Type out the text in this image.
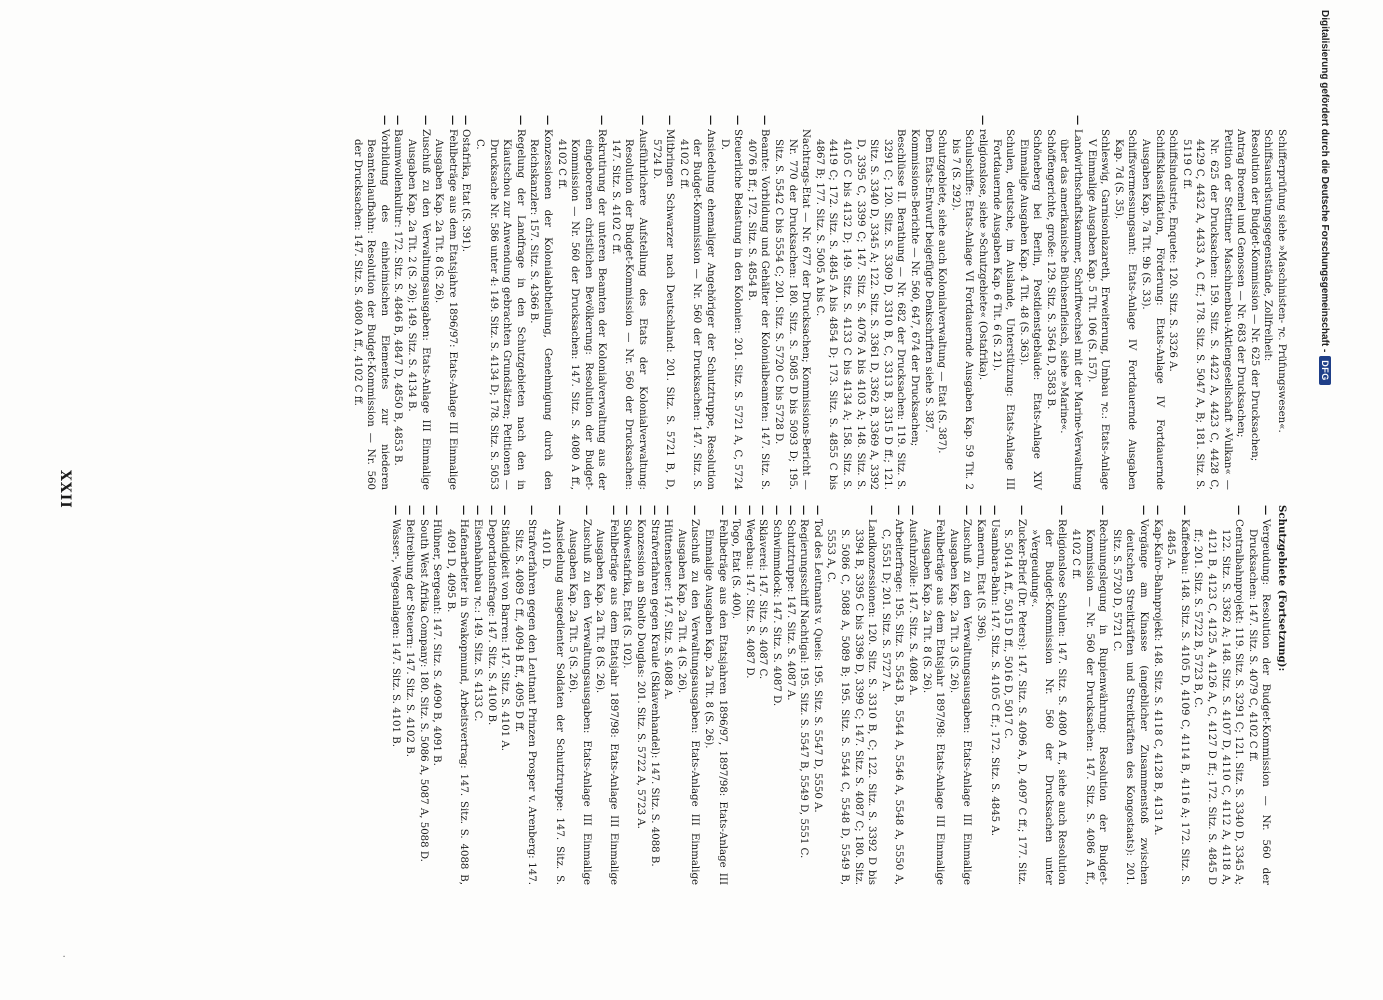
Digitalisierung gefördert durch die Deutsche Forschungsgemeinschaft -
DFG
Schifferprüfung siehe »Maschinisten- ⁊c. Prüfungswesen«.
Schiffsausrüstungsgegenstände, Zollfreiheit:
Resolution der Budget-Kommission — Nr. 625 der Drucksachen;
Antrag Broemel und Genossen — Nr. 683 der Drucksachen;
Petition der Stettiner Maschinenbau-Aktiengesellschaft »Vulkan« — Nr. 625 der Drucksachen: 159. Sitz. S. 4422 A, 4423 C, 4428 C, 4429 C, 4432 A, 4433 A, C ff.; 178. Sitz. S. 5047 A, B; 181. Sitz. S. 5119 C ff.
Schiffsindustrie, Enquete: 120. Sitz. S. 3326 A.
Schiffsklassifikation, Förderung: Etats-Anlage IV Fortdauernde Ausgaben Kap. 7a Tit. 9b (S. 33).
Schiffsvermessungsamt: Etats-Anlage IV Fortdauernde Ausgaben Kap. 7d (S. 35).
Schleswig, Garnisonlazareth, Erweiterung, Umbau ⁊c.: Etats-Anlage V Einmalige Ausgaben Kap. 5 Tit. 106 (S. 157).
—
Landwirthschaftskammer, Schriftwechsel mit der Marine-Verwaltung über das amerikanische Büchsenfleisch, siehe »Marine«.
Schöffengerichte, große: 129. Sitz. S. 3564 D, 3583 B.
Schöneberg bei Berlin, Postdienstgebäude: Etats-Anlage XIV Einmalige Ausgaben Kap. 4 Tit. 48 (S. 363).
Schulen, deutsche, im Auslande, Unterstützung: Etats-Anlage III Fortdauernde Ausgaben Kap. 6 Tit. 6 (S. 21).
—
religionslose, siehe »Schutzgebiete« (Ostafrika).
Schulschiffe: Etats-Anlage VI Fortdauernde Ausgaben Kap. 59 Tit. 2 bis 7 (S. 292).
Schutzgebiete, siehe auch Kolonialverwaltung — Etat (S. 387).
Dem Etats-Entwurf beigefügte Denkschriften siehe S. 387.
Kommissions-Berichte — Nr. 560, 647, 674 der Drucksachen;
Beschlüsse II. Berathung — Nr. 682 der Drucksachen: 119. Sitz. S. 3291 C; 120. Sitz. S. 3309 D, 3310 B, C, 3313 B, 3315 D ff.; 121. Sitz. S. 3340 D, 3345 A; 122. Sitz. S. 3361 D, 3362 B, 3369 A, 3392 D, 3395 C, 3399 C; 147. Sitz. S. 4076 A bis 4103 A; 148. Sitz. S. 4105 C bis 4132 D; 149. Sitz. S. 4133 C bis 4134 A; 158. Sitz. S. 4419 C; 172. Sitz. S. 4845 A bis 4854 D; 173. Sitz. S. 4855 C bis 4867 B; 177. Sitz. S. 5005 A bis C.
Nachtrags-Etat — Nr. 677 der Drucksachen; Kommissions-Bericht — Nr. 770 der Drucksachen: 180. Sitz. S. 5085 D bis 5093 D; 195. Sitz. S. 5542 C bis 5554 C; 201. Sitz. S. 5720 C bis 5728 D.
—
Beamte: Vorbildung und Gehälter der Kolonialbeamten: 147. Sitz. S. 4076 B ff.; 172. Sitz. S. 4854 B.
—
Steuerliche Belastung in den Kolonien: 201. Sitz. S. 5721 A, C, 5724 D.
—
Ansiedelung ehemaliger Angehöriger der Schutztruppe, Resolution der Budget-Kommission — Nr. 560 der Drucksachen: 147. Sitz. S. 4102 C ff.
—
Mitbringen Schwarzer nach Deutschland: 201. Sitz. S. 5721 B, D, 5724 D.
—
Ausführlichere Aufstellung des Etats der Kolonialverwaltung: Resolution der Budget-Kommission — Nr. 560 der Drucksachen: 147. Sitz. S. 4102 C ff.
—
Rekrutirung der unteren Beamten der Kolonialverwaltung aus der eingeborenen christlichen Bevölkerung: Resolution der Budget-Kommission — Nr. 560 der Drucksachen: 147. Sitz. S. 4080 A ff., 4102 C ff.
—
Konzessionen der Kolonialabtheilung, Genehmigung durch den Reichskanzler: 157. Sitz. S. 4366 B.
—
Regelung der Landfrage in den Schutzgebieten nach den in Kiautschou zur Anwendung gebrachten Grundsätzen; Petitionen — Drucksache Nr. 586 unter 4: 149. Sitz. S. 4134 D; 178. Sitz. S. 5053 C.
—
Ostafrika, Etat (S. 391).
—
Fehlbeträge aus dem Etatsjahre 1896/97: Etats-Anlage III Einmalige Ausgaben Kap. 2a Tit. 8 (S. 26).
—
Zuschuß zu den Verwaltungsausgaben: Etats-Anlage III Einmalige Ausgaben Kap. 2a Tit. 2 (S. 26); 149. Sitz. S. 4134 B.
—
Baumwollenkultur: 172. Sitz. S. 4846 B, 4847 D, 4850 B, 4853 B.
—
Vorbildung des einheimischen Elementes zur niederen Beamtenlaufbahn: Resolution der Budget-Kommission — Nr. 560 der Drucksachen: 147. Sitz. S. 4080 A ff., 4102 C ff.
Schutzgebiete (Fortsetzung):
—
Vergeudung: Resolution der Budget-Kommission — Nr. 560 der Drucksachen: 147. Sitz. S. 4079 C, 4102 C ff.
—
Centralbahnprojekt: 119. Sitz. S. 3291 C; 121. Sitz. S. 3340 D, 3345 A; 122. Sitz. S. 3362 A; 148. Sitz. S. 4107 D, 4110 C, 4112 A, 4118 A, 4121 B, 4123 C, 4125 A, 4126 A, C, 4127 D ff.; 172. Sitz. S. 4845 D ff.; 201. Sitz. S. 5722 B, 5723 B, C.
—
Kaffeebau: 148. Sitz. S. 4105 D, 4109 C, 4114 B, 4116 A; 172. Sitz. S. 4845 A.
—
Kap-Kairo-Bahnprojekt: 148. Sitz. S. 4118 C, 4128 B, 4131 A.
—
Vorgänge am Kinasse (angeblicher Zusammenstoß zwischen deutschen Streitkräften und Streitkräften des Kongostaats): 201. Sitz. S. 5720 D, 5721 C.
—
Rechnungslegung in Rupienwährung: Resolution der Budget-Kommission — Nr. 560 der Drucksachen: 147. Sitz. S. 4086 A ff., 4102 C ff.
—
Religionslose Schulen: 147. Sitz. S. 4080 A ff., siehe auch Resolution der Budget-Kommission Nr. 560 der Drucksachen unter »Vergeudung«.
—
Zucker-Brief (Dr. Peters): 147. Sitz. S. 4096 A, D, 4097 C ff.; 177. Sitz. S. 5014 A ff., 5015 D ff., 5016 D, 5017 C.
—
Usambara-Bahn: 147. Sitz. S. 4105 C ff.; 172. Sitz. S. 4845 A.
—
Kamerun, Etat (S. 396).
—
Zuschuß zu den Verwaltungsausgaben: Etats-Anlage III Einmalige Ausgaben Kap. 2a Tit. 3 (S. 26).
—
Fehlbeträge aus dem Etatsjahr 1897/98: Etats-Anlage III Einmalige Ausgaben Kap. 2a Tit. 8 (S. 26).
—
Ausfuhrzölle: 147. Sitz. S. 4088 A.
—
Arbeiterfrage: 195. Sitz. S. 5543 B, 5544 A, 5546 A, 5548 A, 5550 A, C, 5551 D; 201. Sitz. S. 5727 A.
—
Landkonzessionen: 120. Sitz. S. 3310 B, C; 122. Sitz. S. 3392 D bis 3394 B, 3395 C bis 3396 D, 3399 C; 147. Sitz. S. 4087 C; 180. Sitz. S. 5086 C, 5088 A, 5089 B; 195. Sitz. S. 5544 C, 5548 D, 5549 B, 5553 A, C.
—
Tod des Leutnants v. Queis: 195. Sitz. S. 5547 D, 5550 A.
—
Regierungsschiff Nachtigal: 195. Sitz. S. 5547 B, 5549 D, 5551 C.
—
Schutztruppe: 147. Sitz. S. 4087 A.
—
Schwimmdock: 147. Sitz. S. 4087 D.
—
Sklaverei: 147. Sitz. S. 4087 C.
—
Wegebau: 147. Sitz. S. 4087 D.
—
Togo, Etat (S. 400).
—
Fehlbeträge aus den Etatsjahren 1896/97, 1897/98: Etats-Anlage III Einmalige Ausgaben Kap. 2a Tit. 8 (S. 26).
—
Zuschuß zu den Verwaltungsausgaben: Etats-Anlage III Einmalige Ausgaben Kap. 2a Tit. 4 (S. 26).
—
Hüttensteuer: 147. Sitz. S. 4088 A.
—
Strafverfahren gegen Kraule (Sklavenhandel): 147. Sitz. S. 4088 B.
—
Konzession an Sholto Douglas: 201. Sitz. S. 5722 A, 5723 A.
—
Südwestafrika, Etat (S. 102).
—
Fehlbeträge aus dem Etatsjahr 1897/98: Etats-Anlage III Einmalige Ausgaben Kap. 2a Tit. 8 (S. 26).
—
Zuschuß zu den Verwaltungsausgaben: Etats-Anlage III Einmalige Ausgaben Kap. 2a Tit. 5 (S. 26).
—
Ansiedelung ausgedienter Soldaten der Schutztruppe: 147. Sitz. S. 4101 D.
—
Strafverfahren gegen den Leutnant Prinzen Prosper v. Arenberg: 147. Sitz. S. 4089 C ff., 4094 B ff., 4095 D ff.
—
Ständigkeit von Barren: 147. Sitz. S. 4101 A.
—
Deportationsfrage: 147. Sitz. S. 4100 B.
—
Eisenbahnbau ⁊c.: 149. Sitz. S. 4133 C.
—
Hafenarbeiter in Swakopmund, Arbeitsvertrag: 147. Sitz. S. 4088 B, 4091 D, 4095 B.
—
Hübner, Sergeant: 147. Sitz. S. 4090 B, 4091 B.
—
South West Afrika Company: 180. Sitz. S. 5086 A, 5087 A, 5088 D.
—
Beitreibung der Steuern: 147. Sitz. S. 4102 B.
—
Wasser-, Wegeanlagen: 147. Sitz. S. 4101 B.
XXII
·
